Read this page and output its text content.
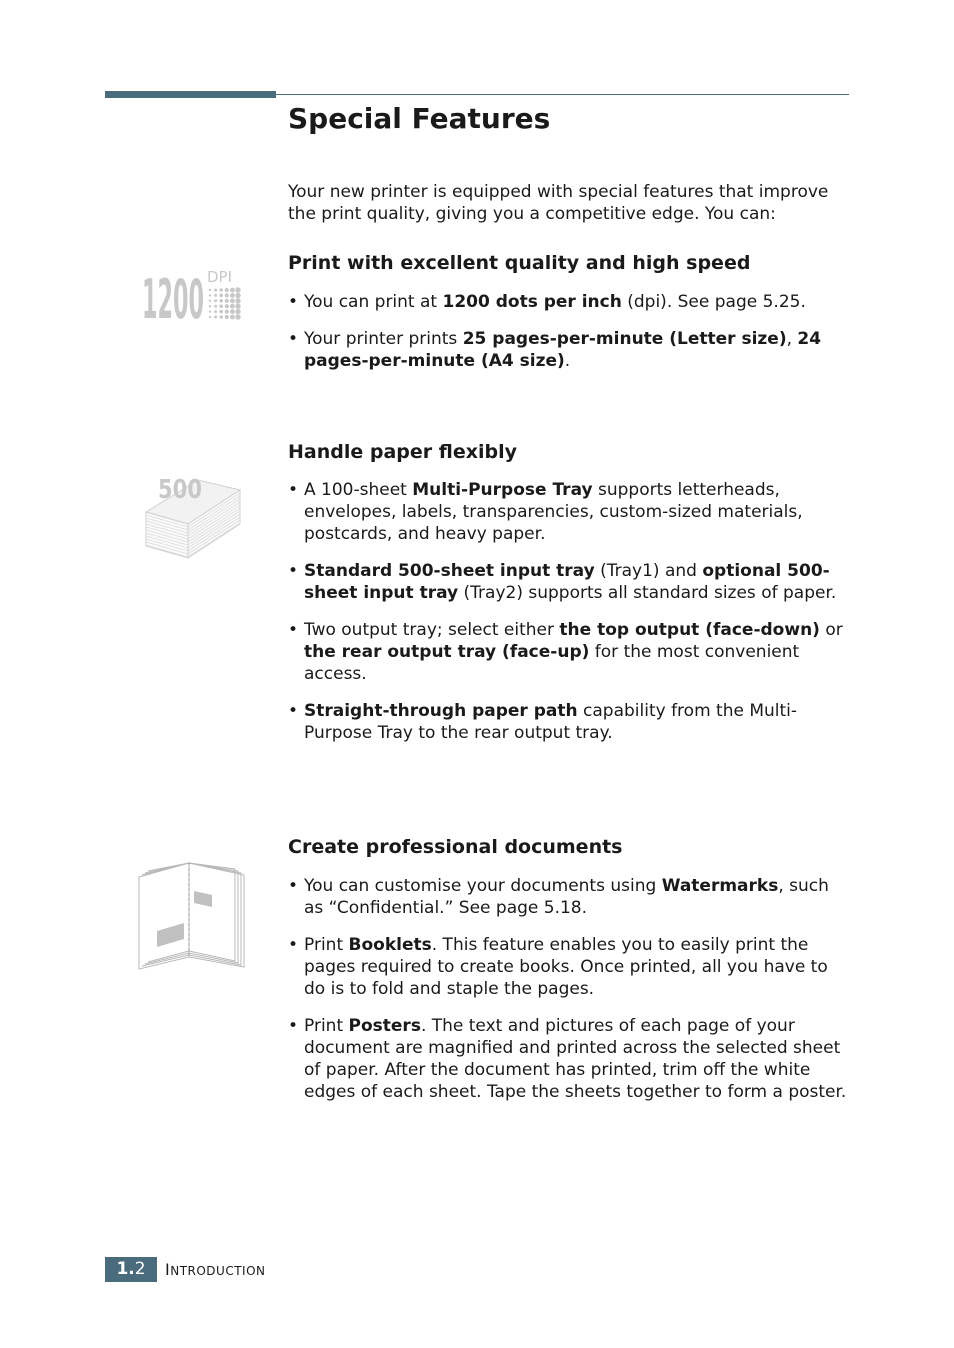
Special Features

Your new printer is equipped with special features that improve the print quality, giving you a competitive edge. You can:

1200 DPI
Print with excellent quality and high speed
• You can print at 1200 dots per inch (dpi). See page 5.25.
• Your printer prints 25 pages-per-minute (Letter size), 24 pages-per-minute (A4 size).
500
Handle paper flexibly
• A 100-sheet Multi-Purpose Tray supports letterheads, envelopes, labels, transparencies, custom-sized materials, postcards, and heavy paper.
• Standard 500-sheet input tray (Tray1) and optional 500-sheet input tray (Tray2) supports all standard sizes of paper.
• Two output tray; select either the top output (face-down) or the rear output tray (face-up) for the most convenient access.
• Straight-through paper path capability from the Multi-Purpose Tray to the rear output tray.
Create professional documents
• You can customise your documents using Watermarks, such as “Confidential.” See page 5.18.
• Print Booklets. This feature enables you to easily print the pages required to create books. Once printed, all you have to do is to fold and staple the pages.
• Print Posters. The text and pictures of each page of your document are magnified and printed across the selected sheet of paper. After the document has printed, trim off the white edges of each sheet. Tape the sheets together to form a poster.
1.2	INTRODUCTION
